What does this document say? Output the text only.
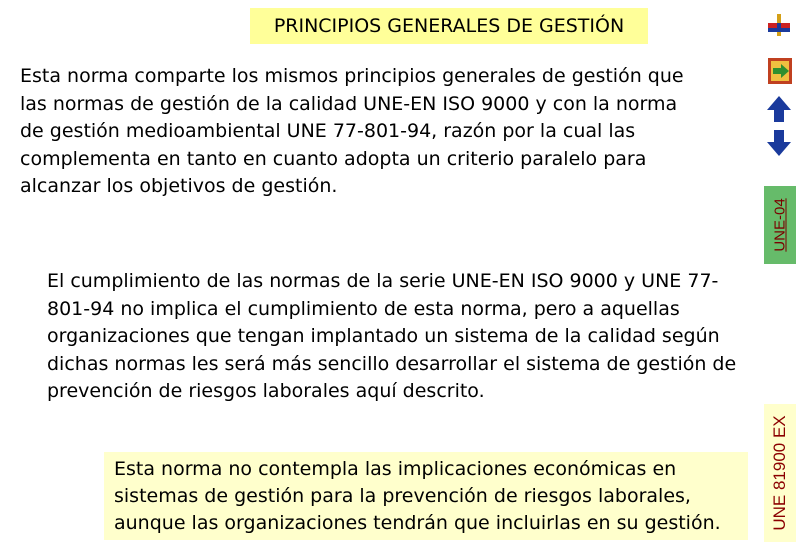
PRINCIPIOS GENERALES DE GESTIÓN

Esta norma comparte los mismos principios generales de gestión que las normas de gestión de la calidad UNE-EN ISO 9000 y con la norma de gestión medioambiental UNE 77-801-94, razón por la cual las complementa en tanto en cuanto adopta un criterio paralelo para alcanzar los objetivos de gestión.

El cumplimiento de las normas de la serie UNE-EN ISO 9000 y UNE 77-801-94 no implica el cumplimiento de esta norma, pero a aquellas organizaciones que tengan implantado un sistema de la calidad según dichas normas les será más sencillo desarrollar el sistema de gestión de prevención de riesgos laborales aquí descrito.

Esta norma no contempla las implicaciones económicas en sistemas de gestión para la prevención de riesgos laborales, aunque las organizaciones tendrán que incluirlas en su gestión.

UNE-04
UNE 81900 EX
